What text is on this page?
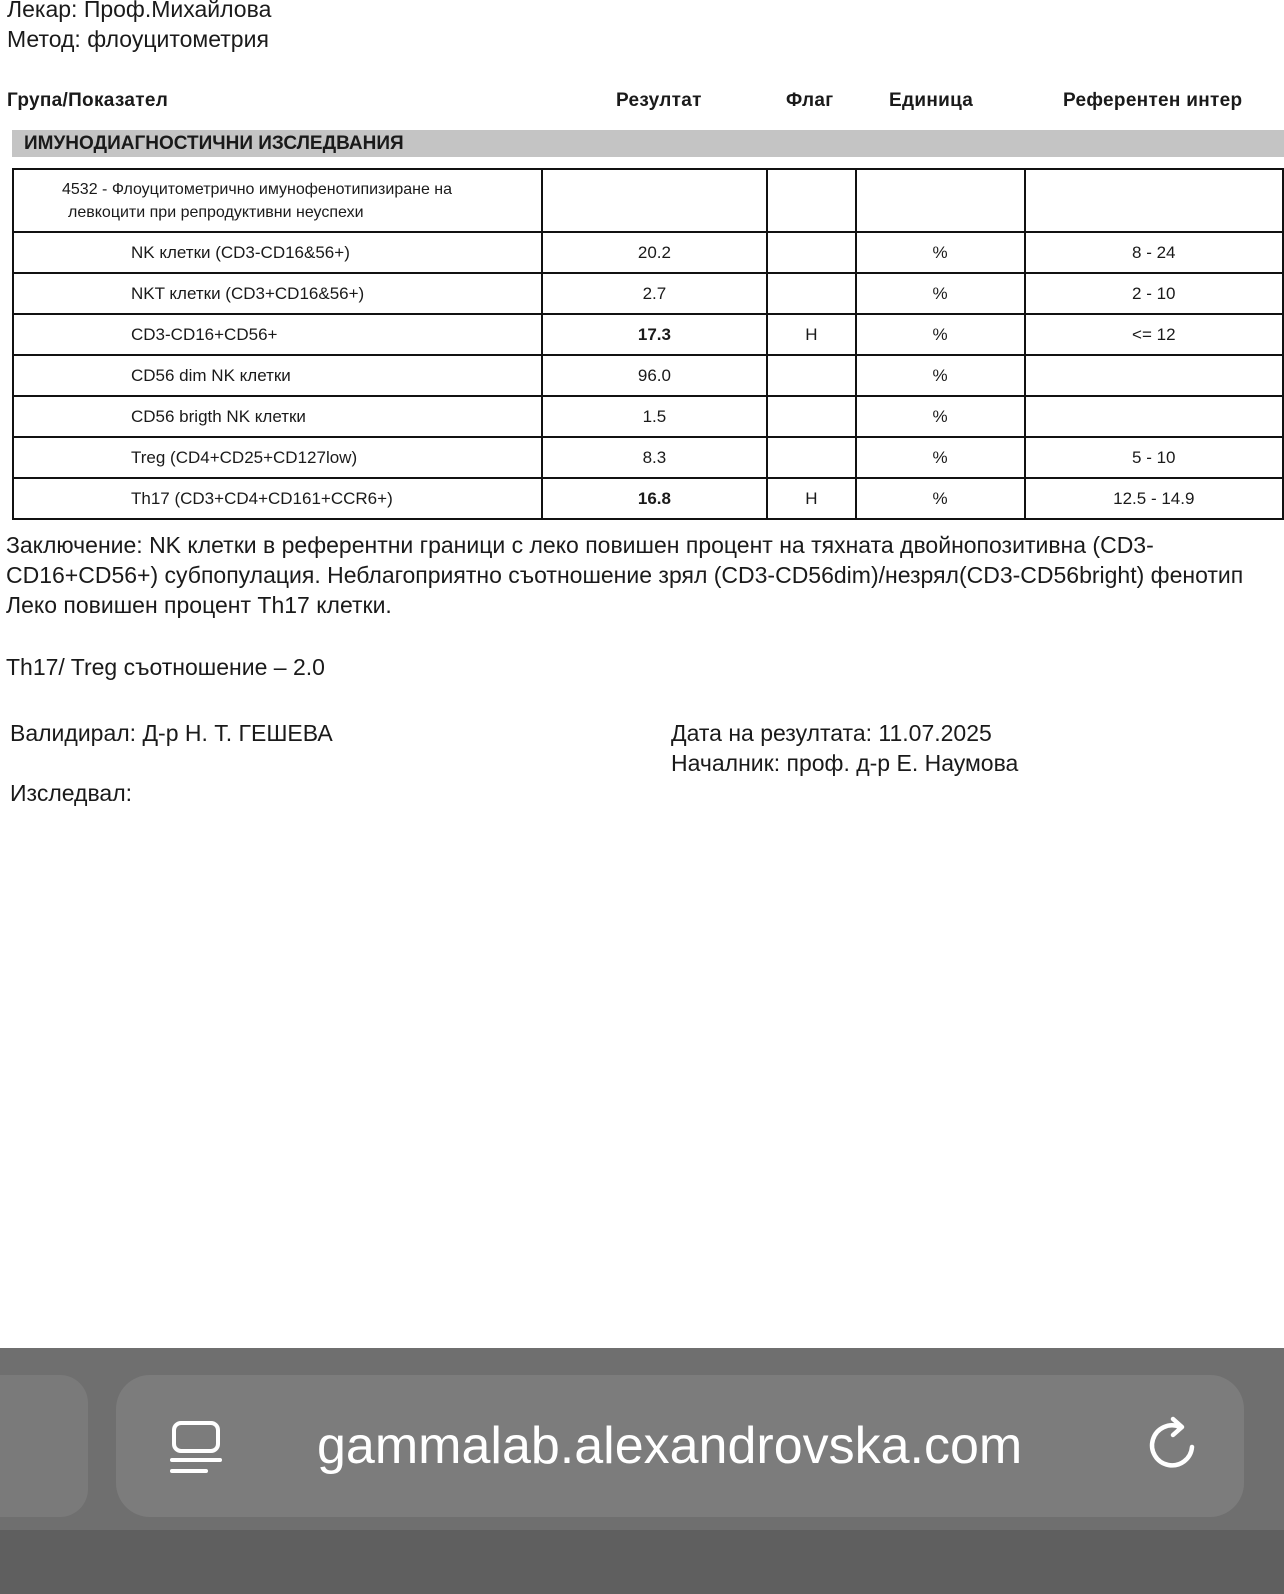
Лекар: Проф.Михайлова
Метод: флоуцитометрия
Група/Показател	Резултат	Флаг	Единица	Референтен интер
ИМУНОДИАГНОСТИЧНИ ИЗСЛЕДВАНИЯ
4532 - Флоуцитометрично имунофенотипизиране на
левкоцити при репродуктивни неуспехи				

NK клетки (CD3-CD16&56+)	20.2		%	8 - 24
NKT клетки (CD3+CD16&56+)	2.7		%	2 - 10
CD3-CD16+CD56+	17.3	H	%	<= 12
CD56 dim NK клетки	96.0		%	
CD56 brigth NK клетки	1.5		%	
Treg (CD4+CD25+CD127low)	8.3		%	5 - 10
Th17 (CD3+CD4+CD161+CCR6+)	16.8	H	%	12.5 - 14.9
Заключение: NK клетки в референтни граници с леко повишен процент на тяхната двойнопозитивна (CD3-
CD16+CD56+) субпопулация. Неблагоприятно съотношение зрял (CD3-CD56dim)/незрял(CD3-CD56bright) фенотип
Леко повишен процент Th17 клетки.
Th17/ Treg съотношение – 2.0
Валидирал: Д-р Н. Т. ГЕШЕВА	Дата на резултата: 11.07.2025
Началник: проф. д-р Е. Наумова
Изследвал:
gammalab.alexandrovska.com
